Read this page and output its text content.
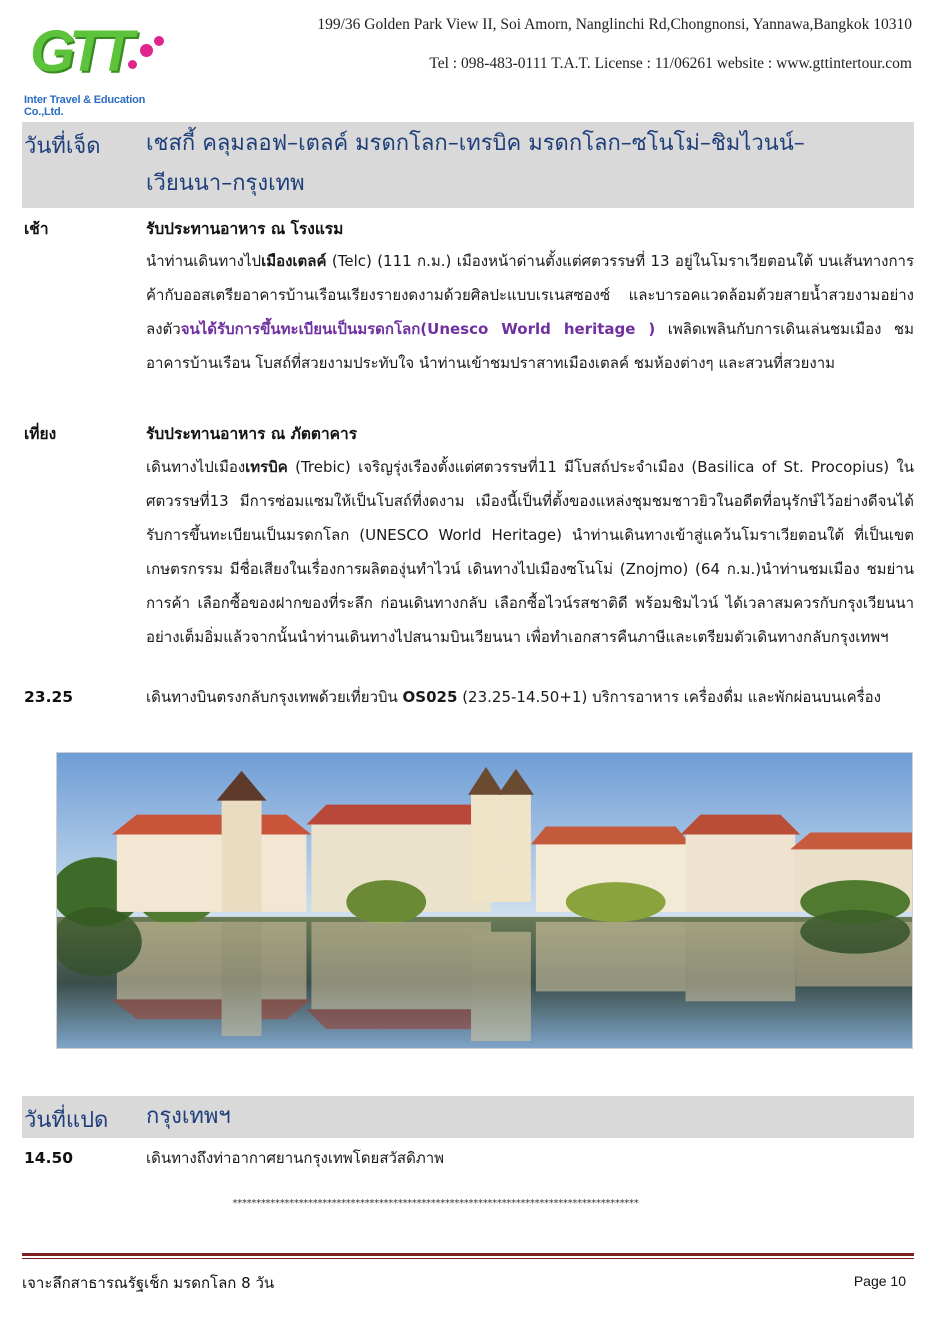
GTT
Inter Travel & Education Co.,Ltd.
199/36 Golden Park View II, Soi Amorn, Nanglinchi Rd,Chongnonsi, Yannawa,Bangkok 10310
Tel : 098-483-0111 T.A.T. License : 11/06261 website : www.gttintertour.com
วันที่เจ็ด เชสกี้ คลุมลอฟ–เตลค์ มรดกโลก–เทรบิค มรดกโลก–ซโนโม่–ชิมไวนน์–เวียนนา–กรุงเทพ
เช้า	รับประทานอาหาร ณ โรงแรม
นำท่านเดินทางไปเมืองเตลค์ (Telc) (111 ก.ม.) เมืองหน้าด่านตั้งแต่ศตวรรษที่ 13 อยู่ในโมราเวียตอนใต้ บนเส้นทางการค้ากับออสเตรียอาคารบ้านเรือนเรียงรายงดงามด้วยศิลปะแบบเรเนสซองซ์ และบารอคแวดล้อมด้วยสายน้ำสวยงามอย่างลงตัวจนได้รับการขึ้นทะเบียนเป็นมรดกโลก(Unesco World heritage ) เพลิดเพลินกับการเดินเล่นชมเมือง ชมอาคารบ้านเรือน โบสถ์ที่สวยงามประทับใจ นำท่านเข้าชมปราสาทเมืองเตลค์ ชมห้องต่างๆ และสวนที่สวยงาม
เที่ยง	รับประทานอาหาร ณ ภัตตาคาร
เดินทางไปเมืองเทรบิค (Trebic) เจริญรุ่งเรืองตั้งแต่ศตวรรษที่11 มีโบสถ์ประจำเมือง (Basilica of St. Procopius) ในศตวรรษที่13 มีการซ่อมแซมให้เป็นโบสถ์ที่งดงาม เมืองนี้เป็นที่ตั้งของแหล่งชุมชมชาวยิวในอดีตที่อนุรักษ์ไว้อย่างดีจนได้รับการขึ้นทะเบียนเป็นมรดกโลก (UNESCO World Heritage) นำท่านเดินทางเข้าสู่แคว้นโมราเวียตอนใต้ ที่เป็นเขตเกษตรกรรม มีชื่อเสียงในเรื่องการผลิตองุ่นทำไวน์ เดินทางไปเมืองซโนโม่ (Znojmo) (64 ก.ม.)นำท่านชมเมือง ชมย่านการค้า เลือกซื้อของฝากของที่ระลึก ก่อนเดินทางกลับ เลือกซื้อไวน์รสชาติดี พร้อมชิมไวน์ ได้เวลาสมควรกับกรุงเวียนนาอย่างเต็มอิ่มแล้วจากนั้นนำท่านเดินทางไปสนามบินเวียนนา เพื่อทำเอกสารคืนภาษีและเตรียมตัวเดินทางกลับกรุงเทพฯ
23.25	เดินทางบินตรงกลับกรุงเทพด้วยเที่ยวบิน OS025 (23.25-14.50+1) บริการอาหาร เครื่องดื่ม และพักผ่อนบนเครื่อง
วันที่แปด กรุงเทพฯ
14.50	เดินทางถึงท่าอากาศยานกรุงเทพโดยสวัสดิภาพ
**************************************************************************************
เจาะลึกสาธารณรัฐเช็ก มรดกโลก 8 วัน	Page 10
